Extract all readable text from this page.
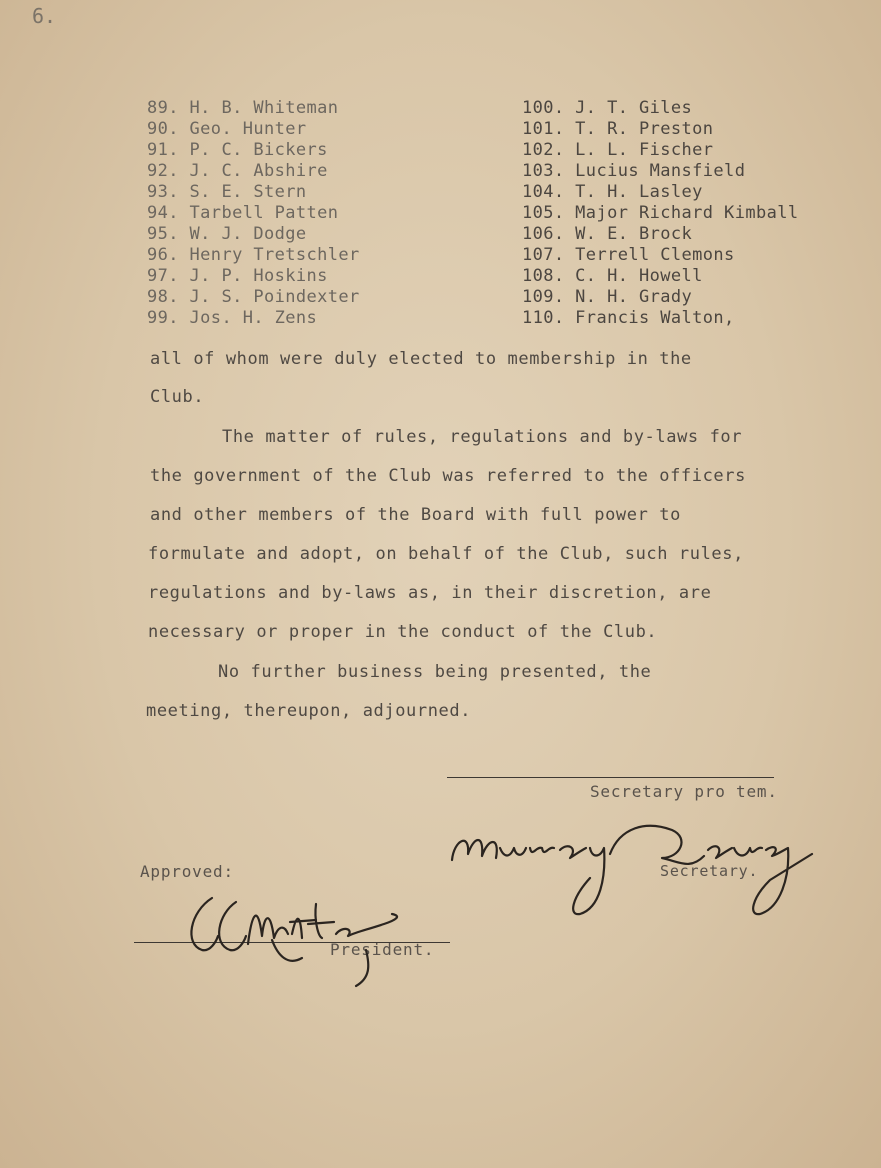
6.
89. H. B. Whiteman
90. Geo. Hunter
91. P. C. Bickers
92. J. C. Abshire
93. S. E. Stern
94. Tarbell Patten
95. W. J. Dodge
96. Henry Tretschler
97. J. P. Hoskins
98. J. S. Poindexter
99. Jos. H. Zens
100. J. T. Giles
101. T. R. Preston
102. L. L. Fischer
103. Lucius Mansfield
104. T. H. Lasley
105. Major Richard Kimball
106. W. E. Brock
107. Terrell Clemons
108. C. H. Howell
109. N. H. Grady
110. Francis Walton,
all of whom were duly elected to membership in the
Club.
The matter of rules, regulations and by-laws for
the government of the Club was referred to the officers
and other members of the Board with full power to
formulate and adopt, on behalf of the Club, such rules,
regulations and by-laws as, in their discretion, are
necessary or proper in the conduct of the Club.
No further business being presented, the
meeting, thereupon, adjourned.
Secretary pro tem.
Approved:	Secretary.
President.
